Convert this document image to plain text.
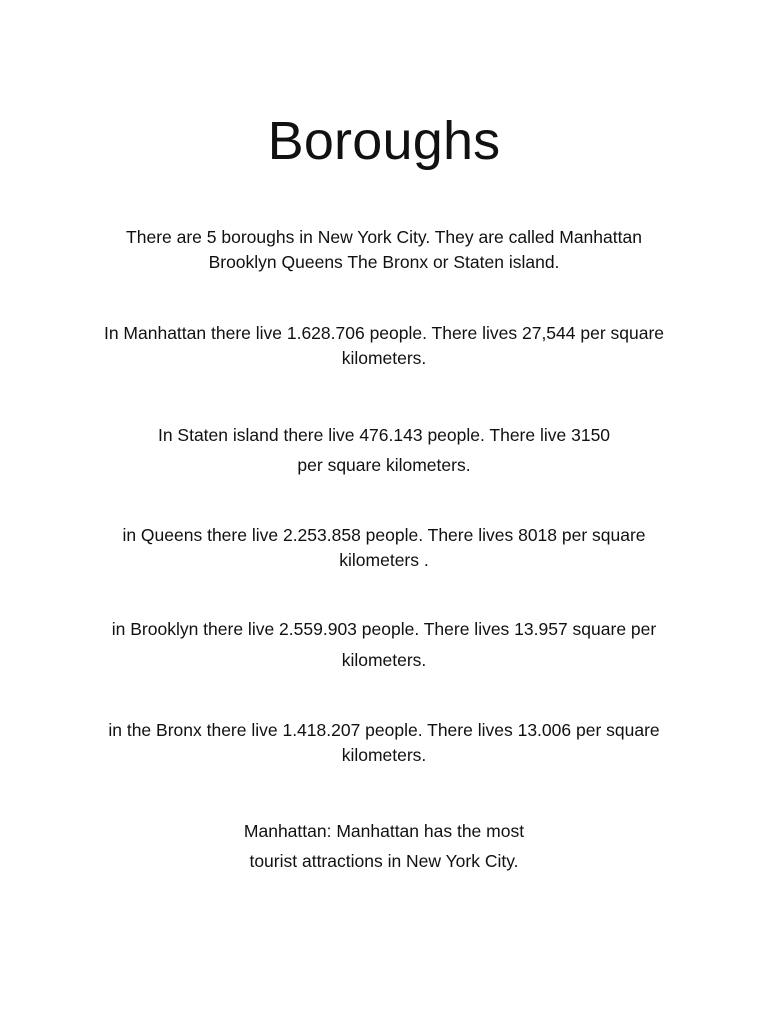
Boroughs

There are 5 boroughs in New York City. They are called Manhattan
Brooklyn Queens The Bronx or Staten island.

In Manhattan there live 1.628.706 people. There lives 27,544 per square
kilometers.

In Staten island there live 476.143 people. There live 3150
per square kilometers.

in Queens there live 2.253.858 people. There lives 8018 per square
kilometers .

in Brooklyn there live 2.559.903 people. There lives 13.957 square per
kilometers.

in the Bronx there live 1.418.207 people. There lives 13.006 per square
kilometers.

Manhattan: Manhattan has the most
tourist attractions in New York City.
